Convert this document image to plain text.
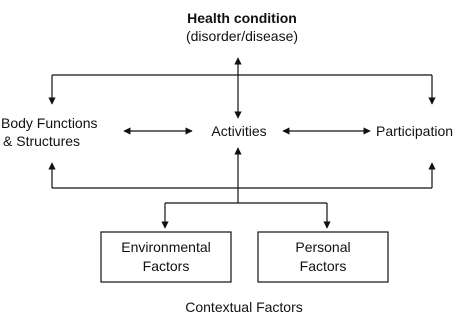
Health condition
(disorder/disease)
Body Functions
& Structures
Activities	Participation
Environmental
Factors
Personal
Factors
Contextual Factors
